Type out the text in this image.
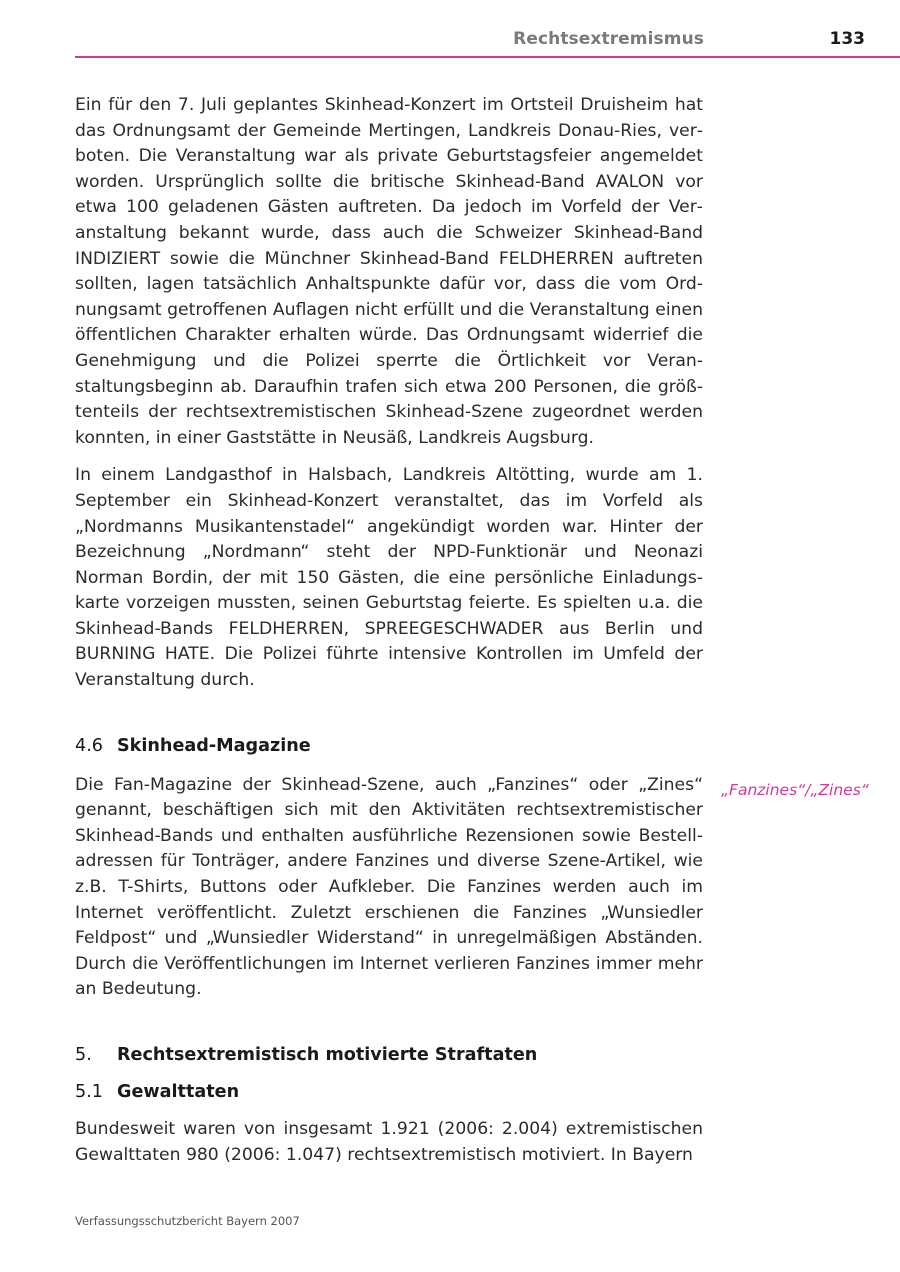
Rechtsextremismus	133

Ein für den 7. Juli geplantes Skinhead-Konzert im Ortsteil Druisheim hat das Ordnungsamt der Gemeinde Mertingen, Landkreis Donau-Ries, verboten. Die Veranstaltung war als private Geburtstagsfeier angemeldet worden. Ursprünglich sollte die britische Skinhead-Band AVALON vor etwa 100 geladenen Gästen auftreten. Da jedoch im Vorfeld der Veranstaltung bekannt wurde, dass auch die Schweizer Skinhead-Band INDIZIERT sowie die Münchner Skinhead-Band FELDHERREN auftreten sollten, lagen tatsächlich Anhaltspunkte dafür vor, dass die vom Ordnungsamt getroffenen Auflagen nicht erfüllt und die Veranstaltung einen öffentlichen Charakter erhalten würde. Das Ordnungsamt widerrief die Genehmigung und die Polizei sperrte die Örtlichkeit vor Veranstaltungsbeginn ab. Daraufhin trafen sich etwa 200 Personen, die größtenteils der rechtsextremistischen Skinhead-Szene zugeordnet werden konnten, in einer Gaststätte in Neusäß, Landkreis Augsburg.

In einem Landgasthof in Halsbach, Landkreis Altötting, wurde am 1. September ein Skinhead-Konzert veranstaltet, das im Vorfeld als „Nordmanns Musikantenstadel“ angekündigt worden war. Hinter der Bezeichnung „Nordmann“ steht der NPD-Funktionär und Neonazi Norman Bordin, der mit 150 Gästen, die eine persönliche Einladungskarte vorzeigen mussten, seinen Geburtstag feierte. Es spielten u.a. die Skinhead-Bands FELDHERREN, SPREEGESCHWADER aus Berlin und BURNING HATE. Die Polizei führte intensive Kontrollen im Umfeld der Veranstaltung durch.

4.6 Skinhead-Magazine

Die Fan-Magazine der Skinhead-Szene, auch „Fanzines“ oder „Zines“ genannt, beschäftigen sich mit den Aktivitäten rechtsextremistischer Skinhead-Bands und enthalten ausführliche Rezensionen sowie Bestelladressen für Tonträger, andere Fanzines und diverse Szene-Artikel, wie z.B. T-Shirts, Buttons oder Aufkleber. Die Fanzines werden auch im Internet veröffentlicht. Zuletzt erschienen die Fanzines „Wunsiedler Feldpost“ und „Wunsiedler Widerstand“ in unregelmäßigen Abständen. Durch die Veröffentlichungen im Internet verlieren Fanzines immer mehr an Bedeutung.

5. Rechtsextremistisch motivierte Straftaten
5.1 Gewalttaten

Bundesweit waren von insgesamt 1.921 (2006: 2.004) extremistischen Gewalttaten 980 (2006: 1.047) rechtsextremistisch motiviert. In Bayern

„Fanzines“/„Zines“
Verfassungsschutzbericht Bayern 2007
